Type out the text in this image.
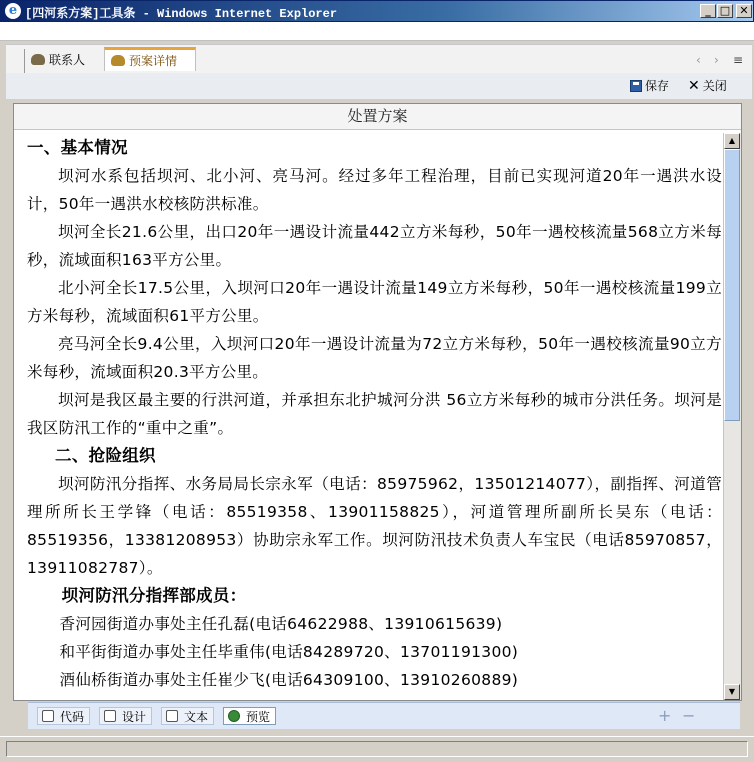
e [四河系方案]工具条 - Windows Internet Explorer	_ □ ✕
联系人	预案详情	‹ › ≡
保存 ✕ 关闭
处置方案

一、基本情况

坝河水系包括坝河、北小河、亮马河。经过多年工程治理，目前已实现河道20年一遇洪水设计，50年一遇洪水校核防洪标准。

坝河全长21.6公里，出口20年一遇设计流量442立方米每秒，50年一遇校核流量568立方米每秒，流域面积163平方公里。

北小河全长17.5公里，入坝河口20年一遇设计流量149立方米每秒，50年一遇校核流量199立方米每秒，流域面积61平方公里。

亮马河全长9.4公里，入坝河口20年一遇设计流量为72立方米每秒，50年一遇校核流量90立方米每秒，流域面积20.3平方公里。

坝河是我区最主要的行洪河道，并承担东北护城河分洪 56立方米每秒的城市分洪任务。坝河是我区防汛工作的“重中之重”。

二、抢险组织

坝河防汛分指挥、水务局局长宗永军（电话：85975962，13501214077），副指挥、河道管理所所长王学锋（电话：85519358、13901158825），河道管理所副所长吴东（电话：85519356，13381208953）协助宗永军工作。坝河防汛技术负责人车宝民（电话85970857，13911082787）。

坝河防汛分指挥部成员：

香河园街道办事处主任孔磊(电话64622988、13910615639)

和平街街道办事处主任毕重伟(电话84289720、13701191300)

酒仙桥街道办事处主任崔少飞(电话64309100、13910260889)

▲
▼
代码	设计	文本	预览	+ −
